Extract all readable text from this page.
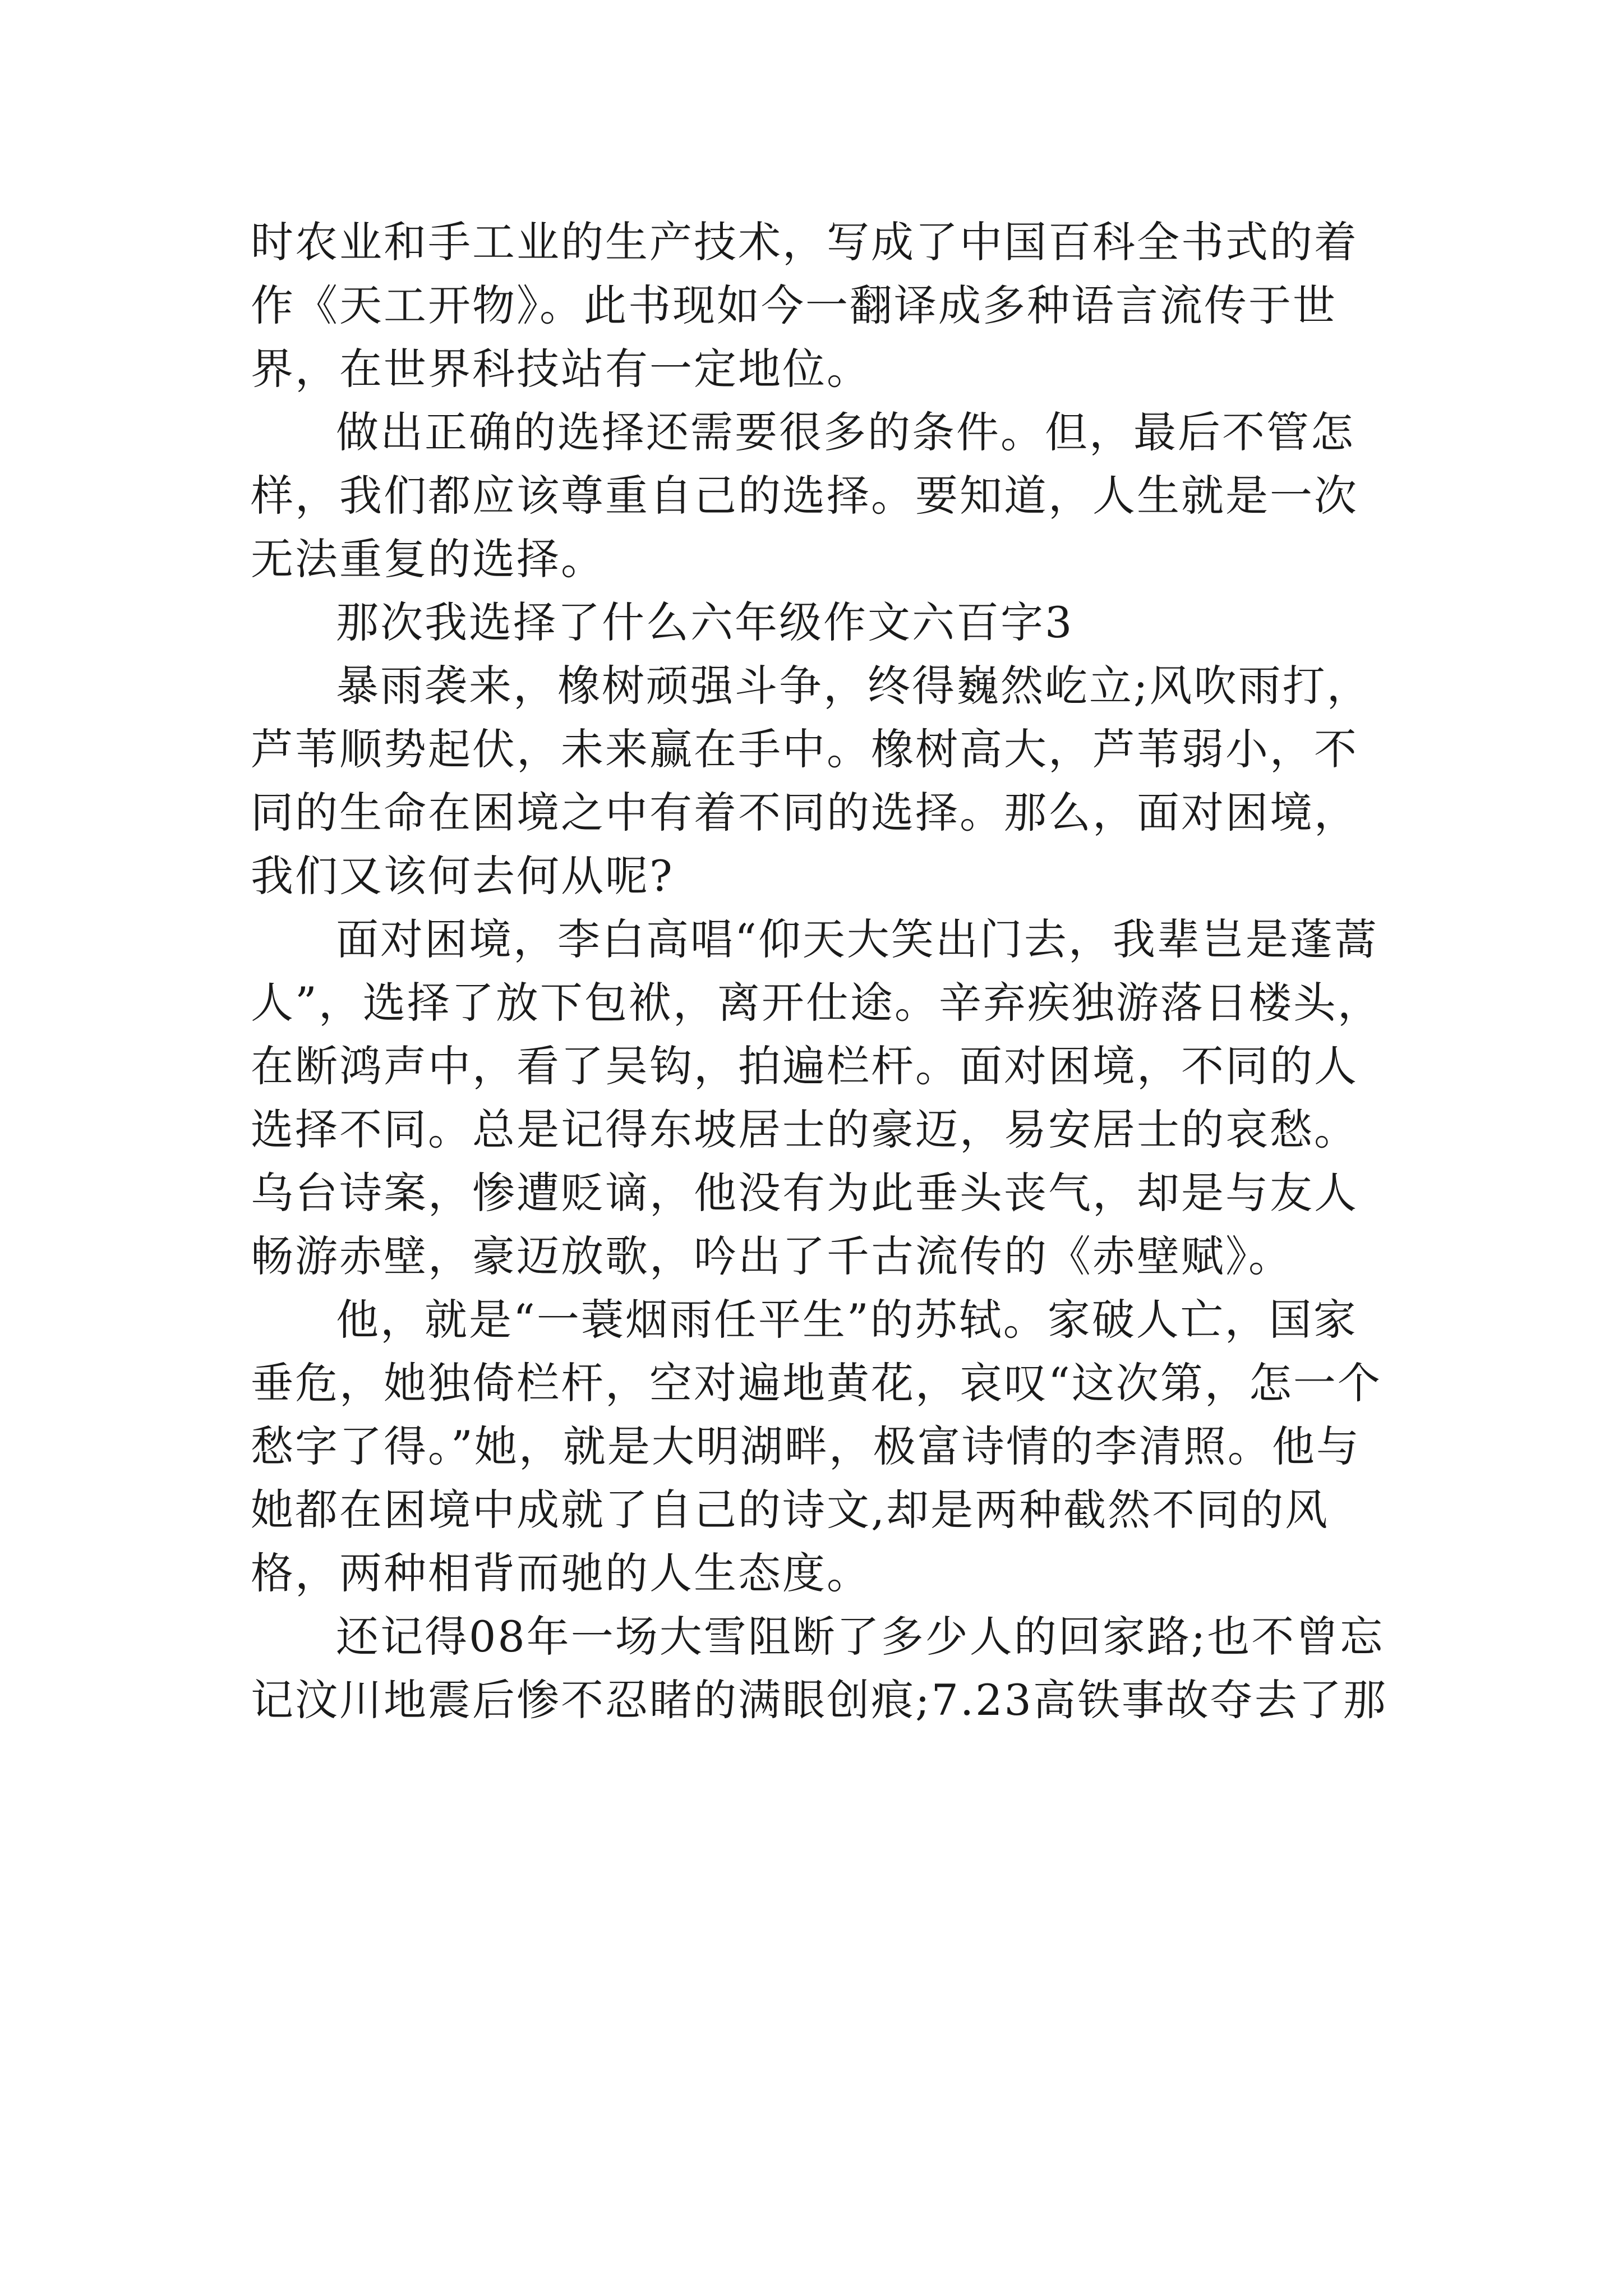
时农业和手工业的生产技术，写成了中国百科全书式的着作《天工开物》。此书现如今一翻译成多种语言流传于世界，在世界科技站有一定地位。

做出正确的选择还需要很多的条件。但，最后不管怎样，我们都应该尊重自己的选择。要知道，人生就是一次无法重复的选择。

那次我选择了什么六年级作文六百字3

暴雨袭来，橡树顽强斗争，终得巍然屹立;风吹雨打，芦苇顺势起伏，未来赢在手中。橡树高大，芦苇弱小，不同的生命在困境之中有着不同的选择。那么，面对困境，我们又该何去何从呢?

面对困境，李白高唱“仰天大笑出门去，我辈岂是蓬蒿人”，选择了放下包袱，离开仕途。辛弃疾独游落日楼头，在断鸿声中，看了吴钩，拍遍栏杆。面对困境，不同的人选择不同。总是记得东坡居士的豪迈，易安居士的哀愁。乌台诗案，惨遭贬谪，他没有为此垂头丧气，却是与友人畅游赤壁，豪迈放歌，吟出了千古流传的《赤壁赋》。

他，就是“一蓑烟雨任平生”的苏轼。家破人亡，国家垂危，她独倚栏杆，空对遍地黄花，哀叹“这次第，怎一个愁字了得。”她，就是大明湖畔，极富诗情的李清照。他与她都在困境中成就了自己的诗文,却是两种截然不同的风格，两种相背而驰的人生态度。

还记得08年一场大雪阻断了多少人的回家路;也不曾忘记汶川地震后惨不忍睹的满眼创痕;7.23高铁事故夺去了那
